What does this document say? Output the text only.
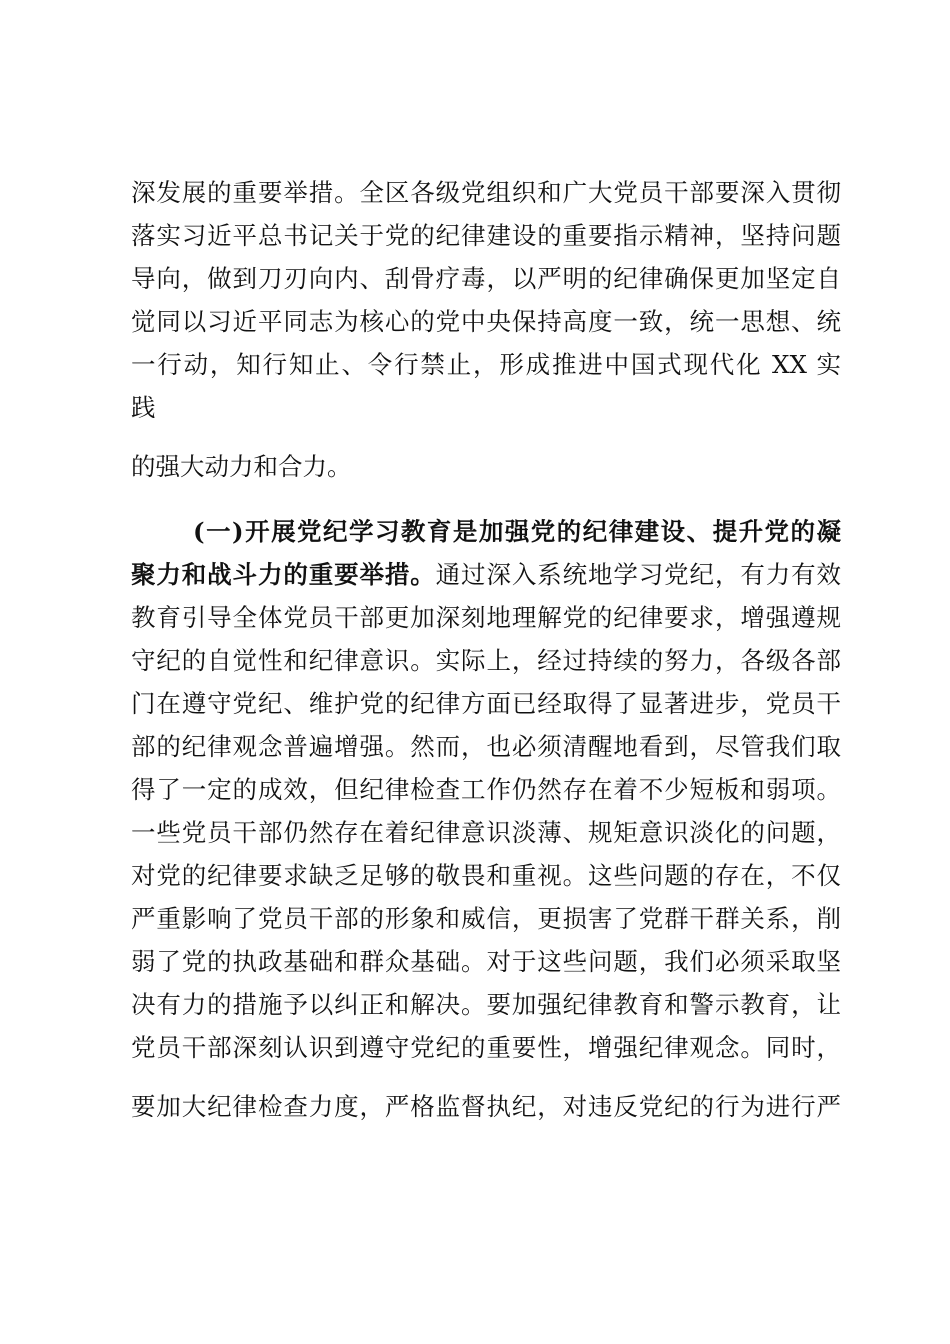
深发展的重要举措。全区各级党组织和广大党员干部要深入贯彻
落实习近平总书记关于党的纪律建设的重要指示精神，坚持问题
导向，做到刀刃向内、刮骨疗毒，以严明的纪律确保更加坚定自
觉同以习近平同志为核心的党中央保持高度一致，统一思想、统
一行动，知行知止、令行禁止，形成推进中国式现代化 XX 实
践
的强大动力和合力。
(一)开展党纪学习教育是加强党的纪律建设、提升党的凝
聚力和战斗力的重要举措。通过深入系统地学习党纪，有力有效
教育引导全体党员干部更加深刻地理解党的纪律要求，增强遵规
守纪的自觉性和纪律意识。实际上，经过持续的努力，各级各部
门在遵守党纪、维护党的纪律方面已经取得了显著进步，党员干
部的纪律观念普遍增强。然而，也必须清醒地看到，尽管我们取
得了一定的成效，但纪律检查工作仍然存在着不少短板和弱项。
一些党员干部仍然存在着纪律意识淡薄、规矩意识淡化的问题，
对党的纪律要求缺乏足够的敬畏和重视。这些问题的存在，不仅
严重影响了党员干部的形象和威信，更损害了党群干群关系，削
弱了党的执政基础和群众基础。对于这些问题，我们必须采取坚
决有力的措施予以纠正和解决。要加强纪律教育和警示教育，让
党员干部深刻认识到遵守党纪的重要性，增强纪律观念。同时，
要加大纪律检查力度，严格监督执纪，对违反党纪的行为进行严
